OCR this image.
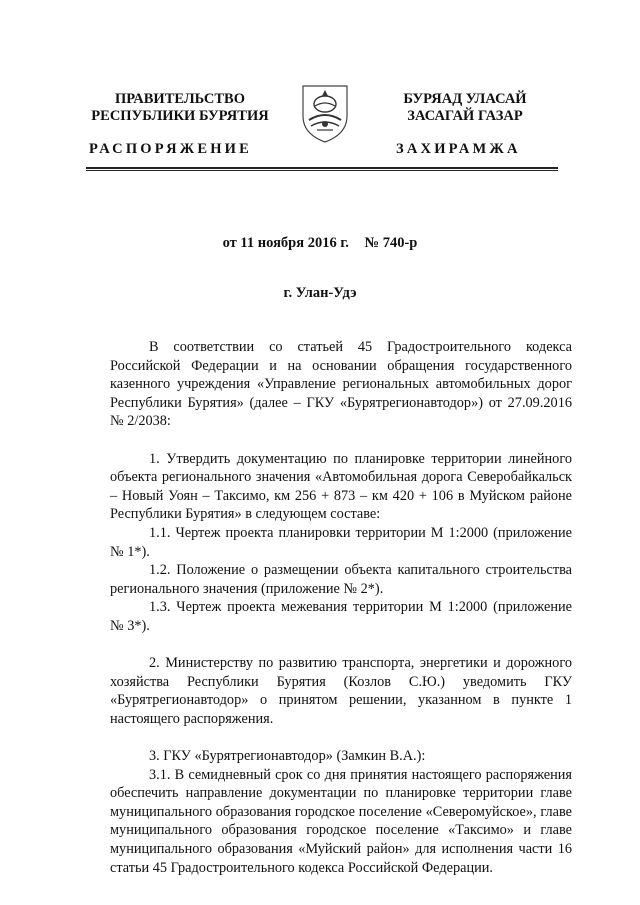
ПРАВИТЕЛЬСТВО
РЕСПУБЛИКИ БУРЯТИЯ
РАСПОРЯЖЕНИЕ
БУРЯАД УЛАСАЙ
ЗАСАГАЙ ГАЗАР
ЗАХИРАМЖА
от 11 ноября 2016 г. № 740-р
г. Улан-Удэ

В соответствии со статьей 45 Градостроительного кодекса Российской Федерации и на основании обращения государственного казенного учреждения «Управление региональных автомобильных дорог Республики Бурятия» (далее – ГКУ «Бурятрегионавтодор») от 27.09.2016 № 2/2038:

1. Утвердить документацию по планировке территории линейного объекта регионального значения «Автомобильная дорога Северобайкальск – Новый Уоян – Таксимо, км 256 + 873 – км 420 + 106 в Муйском районе Республики Бурятия» в следующем составе:

1.1. Чертеж проекта планировки территории М 1:2000 (приложение № 1*).

1.2. Положение о размещении объекта капитального строительства регионального значения (приложение № 2*).

1.3. Чертеж проекта межевания территории М 1:2000 (приложение № 3*).

2. Министерству по развитию транспорта, энергетики и дорожного хозяйства Республики Бурятия (Козлов С.Ю.) уведомить ГКУ «Бурятрегионавтодор» о принятом решении, указанном в пункте 1 настоящего распоряжения.

3. ГКУ «Бурятрегионавтодор» (Замкин В.А.):

3.1. В семидневный срок со дня принятия настоящего распоряжения обеспечить направление документации по планировке территории главе муниципального образования городское поселение «Северомуйское», главе муниципального образования городское поселение «Таксимо» и главе муниципального образования «Муйский район» для исполнения части 16 статьи 45 Градостроительного кодекса Российской Федерации.
